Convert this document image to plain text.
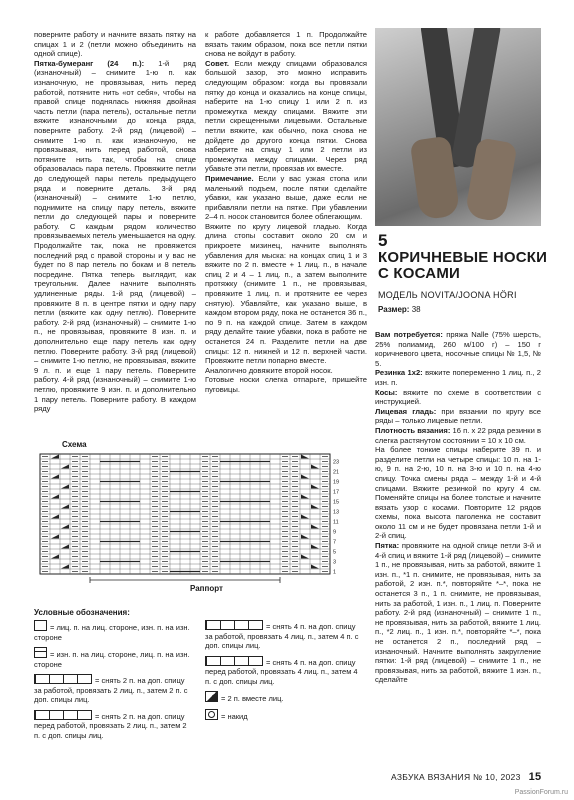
поверните работу и начните вязать пятку на спицах 1 и 2 (петли можно объединить на одной спице).

Пятка-бумеранг (24 п.): 1-й ряд (изнаночный) – снимите 1-ю п. как изнаночную, не провязывая, нить перед работой, потяните нить «от себя», чтобы на правой спице поднялась нижняя двойная часть петли (пара петель), остальные петли вяжите изнаночными до конца ряда, поверните работу. 2-й ряд (лицевой) – снимите 1-ю п. как изнаночную, не провязывая, нить перед работой, снова потяните нить так, чтобы на спице образовалась пара петель. Провяжите петли до следующей пары петель предыдущего ряда и поверните деталь. 3-й ряд (изнаночный) – снимите 1-ю петлю, поднимите на спицу пару петель, вяжите петли до следующей пары и поверните работу. С каждым рядом количество провязываемых петель уменьшается на одну. Продолжайте так, пока не провяжется последний ряд с правой стороны и у вас не будет по 8 пар петель по бокам и 8 петель посредине. Пятка теперь выглядит, как треугольник. Далее начните выполнять удлиненные ряды. 1-й ряд (лицевой) – провяжите 8 п. в центре пятки и одну пару петли (вяжите как одну петлю). Поверните работу. 2-й ряд (изнаночный) – снимите 1-ю п., не провязывая, провяжите 8 изн. п. и дополнительно еще пару петель как одну петлю. Поверните работу. 3-й ряд (лицевой) – снимите 1-ю петлю, не провязывая, вяжите 9 л. п. и еще 1 пару петель. Поверните работу. 4-й ряд (изнаночный) – снимите 1-ю петлю, провяжите 9 изн. п. и дополнительно 1 пару петель. Поверните работу. В каждом ряду

к работе добавляется 1 п. Продолжайте вязать таким образом, пока все петли пятки снова не войдут в работу.

Совет. Если между спицами образовался большой зазор, это можно исправить следующим образом: когда вы провязали пятку до конца и оказались на конце спицы, наберите на 1-ю спицу 1 или 2 п. из промежутка между спицами. Вяжите эти петли скрещенными лицевыми. Остальные петли вяжите, как обычно, пока снова не дойдете до другого конца пятки. Снова наберите на спицу 1 или 2 петли из промежутка между спицами. Через ряд убавьте эти петли, провязав их вместе.

Примечание. Если у вас узкая стопа или маленький подъем, после пятки сделайте убавки, как указано выше, даже если не прибавляли петли на пятке. При убавлении 2–4 п. носок становится более облегающим.

Вяжите по кругу лицевой гладью. Когда длина стопы составит около 20 см и прикроете мизинец, начните выполнять убавления для мыска: на концах спиц 1 и 3 вяжите по 2 п. вместе + 1 лиц. п., в начале спиц 2 и 4 – 1 лиц. п., а затем выполните протяжку (снимите 1 п., не провязывая, провяжите 1 лиц. п. и протяните ее через снятую). Убавляйте, как указано выше, в каждом втором ряду, пока не останется 36 п., по 9 п. на каждой спице. Затем в каждом ряду делайте такие убавки, пока в работе не останется 24 п. Разделите петли на две спицы: 12 п. нижней и 12 п. верхней части. Провяжите петли попарно вместе.

Аналогично довяжите второй носок.

Готовые носки слегка отпарьте, пришейте пуговицы.

5
КОРИЧНЕВЫЕ НОСКИ С КОСАМИ
МОДЕЛЬ NOVITA/JOONA HÖRI
Размер: 38

Вам потребуется: пряжа Nalle (75% шерсть, 25% полиамид, 260 м/100 г) – 150 г коричневого цвета, носочные спицы № 1,5, № 5.

Резинка 1х2: вяжите попеременно 1 лиц. п., 2 изн. п.

Косы: вяжите по схеме в соответствии с инструкцией.

Лицевая гладь: при вязании по кругу все ряды – только лицевые петли.

Плотность вязания: 16 п. x 22 ряда резинки в слегка растянутом состоянии = 10 x 10 см.

На более тонкие спицы наберите 39 п. и разделите петли на четыре спицы: 10 п. на 1-ю, 9 п. на 2-ю, 10 п. на 3-ю и 10 п. на 4-ю спицу. Точка смены ряда – между 1-й и 4-й спицами. Вяжите резинкой по кругу 4 см. Поменяйте спицы на более толстые и начните вязать узор с косами. Повторите 12 рядов схемы, пока высота паголенка не составит около 11 см и не будет провязана петли 1-й и 2-й спиц.

Пятка: провяжите на одной спице петли 3-й и 4-й спиц и вяжите 1-й ряд (лицевой) – снимите 1 п., не провязывая, нить за работой, вяжите 1 изн. п., *1 п. снимите, не провязывая, нить за работой, 2 изн. п.*, повторяйте *–*, пока не останется 3 п., 1 п. снимите, не провязывая, нить за работой, 1 изн. п., 1 лиц. п. Поверните работу. 2-й ряд (изнаночный) – снимите 1 п., не провязывая, нить за работой, вяжите 1 лиц. п., *2 лиц. п., 1 изн. п.*, повторяйте *–*, пока не останется 2 п., последний ряд – изнаночный. Начните выполнять закругление пятки: 1-й ряд (лицевой) – снимите 1 п., не провязывая, нить за работой, вяжите 1 изн. п., сделайте

Схема
1
3
5
7
9
11
13
15
17
19
21
23
Раппорт
Условные обозначения:
= лиц. п. на лиц. стороне, изн. п. на изн. стороне
= изн. п. на лиц. стороне, лиц. п. на изн. стороне
= снять 2 п. на доп. спицу за работой, провязать 2 лиц. п., затем 2 п. с доп. спицы лиц.
= снять 2 п. на доп. спицу перед работой, провязать 2 лиц. п., затем 2 п. с доп. спицы лиц.
= снять 4 п. на доп. спицу за работой, провязать 4 лиц. п., затем 4 п. с доп. спицы лиц.
= снять 4 п. на доп. спицу перед работой, провязать 4 лиц. п., затем 4 п. с доп. спицы лиц.
= 2 п. вместе лиц.
= накид
АЗБУКА ВЯЗАНИЯ № 10, 2023 15
PassionForum.ru
